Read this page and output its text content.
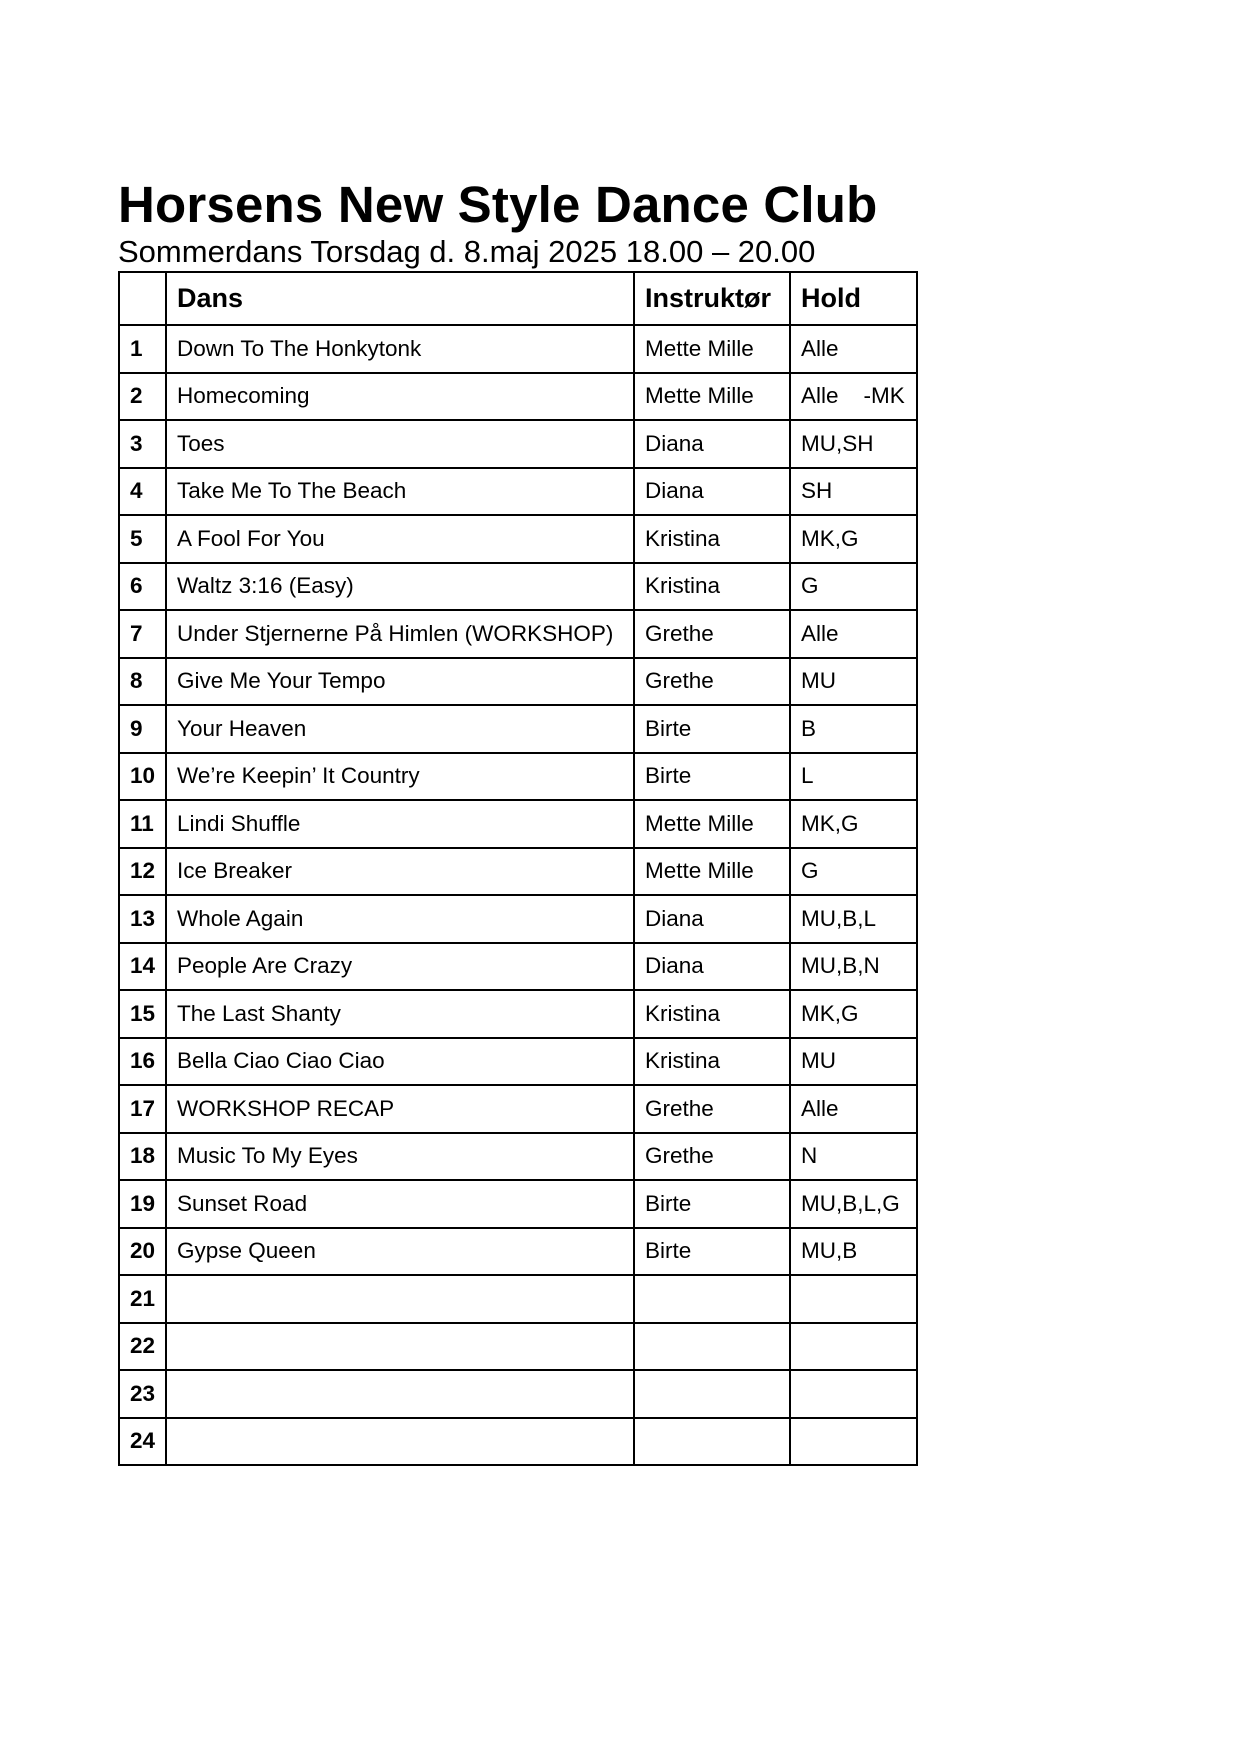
Horsens New Style Dance Club

Sommerdans Torsdag d. 8.maj 2025 18.00 – 20.00

	Dans	Instruktør	Hold
1	Down To The Honkytonk	Mette Mille	Alle
2	Homecoming	Mette Mille	Alle    -MK
3	Toes	Diana	MU,SH
4	Take Me To The Beach	Diana	SH
5	A Fool For You	Kristina	MK,G
6	Waltz 3:16 (Easy)	Kristina	G
7	Under Stjernerne På Himlen (WORKSHOP)	Grethe	Alle
8	Give Me Your Tempo	Grethe	MU
9	Your Heaven	Birte	B
10	We’re Keepin’ It Country	Birte	L
11	Lindi Shuffle	Mette Mille	MK,G
12	Ice Breaker	Mette Mille	G
13	Whole Again	Diana	MU,B,L
14	People Are Crazy	Diana	MU,B,N
15	The Last Shanty	Kristina	MK,G
16	Bella Ciao Ciao Ciao	Kristina	MU
17	WORKSHOP RECAP	Grethe	Alle
18	Music To My Eyes	Grethe	N
19	Sunset Road	Birte	MU,B,L,G
20	Gypse Queen	Birte	MU,B
21			
22			
23			
24			
